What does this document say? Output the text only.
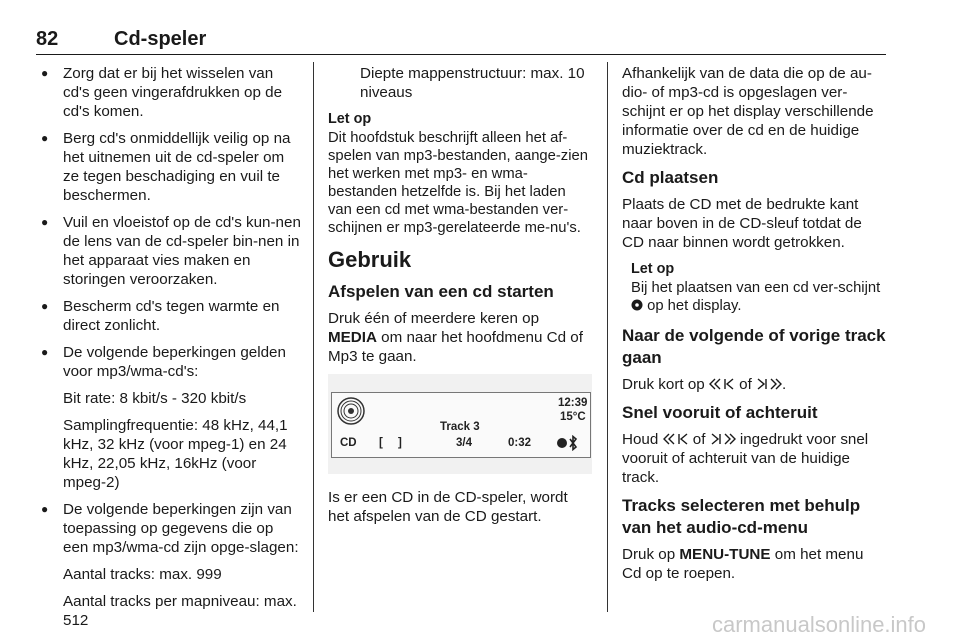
82	Cd-speler
● Zorg dat er bij het wisselen van cd's geen vingerafdrukken op de cd's komen.
● Berg cd's onmiddellijk veilig op na het uitnemen uit de cd-speler om ze tegen beschadiging en vuil te beschermen.
● Vuil en vloeistof op de cd's kun-nen de lens van de cd-speler bin-nen in het apparaat vies maken en storingen veroorzaken.
● Bescherm cd's tegen warmte en direct zonlicht.
● De volgende beperkingen gelden voor mp3/wma-cd's:

Bit rate: 8 kbit/s - 320 kbit/s

Samplingfrequentie: 48 kHz, 44,1 kHz, 32 kHz (voor mpeg-1) en 24 kHz, 22,05 kHz, 16kHz (voor mpeg-2)

● De volgende beperkingen zijn van toepassing op gegevens die op een mp3/wma-cd zijn opge-slagen:

Aantal tracks: max. 999

Aantal tracks per mapniveau: max. 512

Diepte mappenstructuur: max. 10 niveaus

Let op

Dit hoofdstuk beschrijft alleen het af-spelen van mp3-bestanden, aange-zien het werken met mp3- en wma-bestanden hetzelfde is. Bij het laden van een cd met wma-bestanden ver-schijnen er mp3-gerelateerde me-nu's.

Gebruik
Afspelen van een cd starten

Druk één of meerdere keren op MEDIA om naar het hoofdmenu Cd of Mp3 te gaan.

CD [ ]
Track 3
3/4	0:32
12:39
15°C

Is er een CD in de CD-speler, wordt het afspelen van de CD gestart.

Afhankelijk van de data die op de au-dio- of mp3-cd is opgeslagen ver-schijnt er op het display verschillende informatie over de cd en de huidige muziektrack.

Cd plaatsen

Plaats de CD met de bedrukte kant naar boven in de CD-sleuf totdat de CD naar binnen wordt getrokken.

Let op

Bij het plaatsen van een cd ver-schijnt  op het display.

Naar de volgende of vorige track gaan

Druk kort op  of .

Snel vooruit of achteruit

Houd  of  ingedrukt voor snel vooruit of achteruit van de huidige track.

Tracks selecteren met behulp van het audio-cd-menu

Druk op MENU-TUNE om het menu Cd op te roepen.

carmanualsonline.info
